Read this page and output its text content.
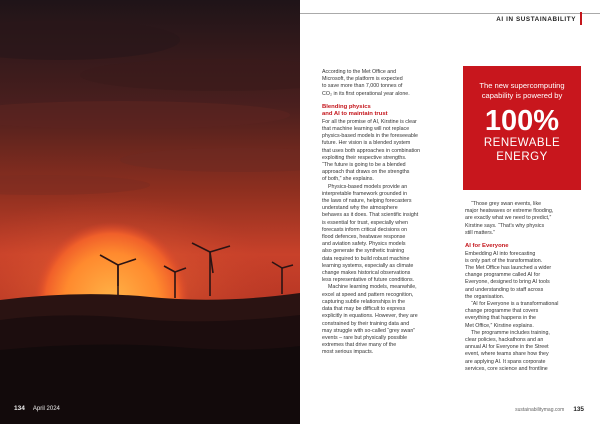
134 April 2024
AI IN SUSTAINABILITY
According to the Met Office and
Microsoft, the platform is expected
to save more than 7,000 tonnes of
CO₂ in its first operational year alone.
Blending physics
and AI to maintain trust
For all the promise of AI, Kirstine is clear
that machine learning will not replace
physics-based models in the foreseeable
future. Her vision is a blended system
that uses both approaches in combination
exploiting their respective strengths.
“The future is going to be a blended
approach that draws on the strengths
of both,” she explains.
Physics-based models provide an
interpretable framework grounded in
the laws of nature, helping forecasters
understand why the atmosphere
behaves as it does. That scientific insight
is essential for trust, especially when
forecasts inform critical decisions on
flood defences, heatwave response
and aviation safety. Physics models
also generate the synthetic training
data required to build robust machine
learning systems, especially as climate
change makes historical observations
less representative of future conditions.
Machine learning models, meanwhile,
excel at speed and pattern recognition,
capturing subtle relationships in the
data that may be difficult to express
explicitly in equations. However, they are
constrained by their training data and
may struggle with so-called “grey swan”
events – rare but physically possible
extremes that drive many of the
most serious impacts.
The new supercomputing
capability is powered by
100%
RENEWABLE
ENERGY
“Those grey swan events, like
major heatwaves or extreme flooding,
are exactly what we need to predict,”
Kirstine says. “That’s why physics
still matters.”
AI for Everyone
Embedding AI into forecasting
is only part of the transformation.
The Met Office has launched a wider
change programme called AI for
Everyone, designed to bring AI tools
and understanding to staff across
the organisation.
“AI for Everyone is a transformational
change programme that covers
everything that happens in the
Met Office,” Kirstine explains.
The programme includes training,
clear policies, hackathons and an
annual AI for Everyone in the Street
event, where teams share how they
are applying AI. It spans corporate
services, core science and frontline
sustainabilitymag.com 135
